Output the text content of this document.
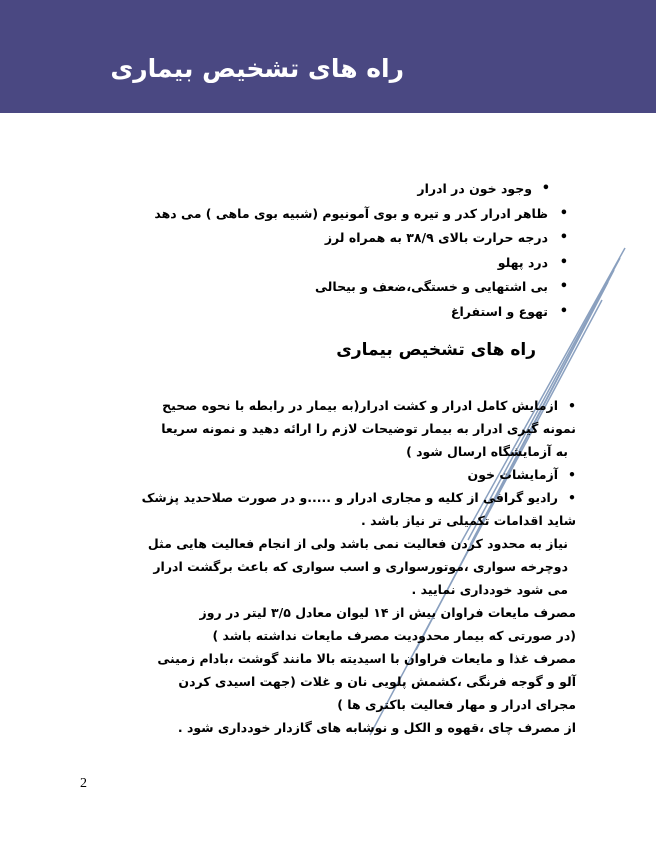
راه های تشخیص بیماری
• وجود خون در ادرار
• ظاهر ادرار کدر و تیره و بوی آمونیوم (شبیه بوی ماهی ) می دهد
• درجه حرارت بالای ۳۸/۹ به همراه لرز
• درد پهلو
• بی اشتهایی و خستگی،ضعف و بیحالی
• تهوع و استفراغ
راه های تشخیص بیماری
•ازمایش کامل ادرار و کشت ادرار(به بیمار در رابطه با نحوه صحیح
نمونه گیری ادرار به بیمار توضیحات لازم را ارائه دهید و نمونه سریعا
به آزمایشگاه ارسال شود )
•آزمایشات خون
•رادیو گرافی از کلیه و مجاری ادرار و .....و در صورت صلاحدید پزشک
شاید اقدامات تکمیلی تر نیاز باشد .
نیاز به محدود کردن فعالیت نمی باشد ولی از انجام فعالیت هایی مثل
دوچرخه سواری ،موتورسواری و اسب سواری که باعث برگشت ادرار
می شود خودداری نمایید .
مصرف مایعات فراوان بیش از ۱۴ لیوان معادل ۳/۵ لیتر در روز
(در صورتی که بیمار محدودیت مصرف مایعات نداشته باشد )
مصرف غذا و مایعات فراوان با اسیدیته بالا مانند گوشت ،بادام زمینی
آلو و گوجه فرنگی ،کشمش پلویی نان و غلات (جهت اسیدی کردن
مجرای ادرار و مهار فعالیت باکتری ها )
از مصرف چای ،قهوه و الکل و نوشابه های گازدار خودداری شود .
2
